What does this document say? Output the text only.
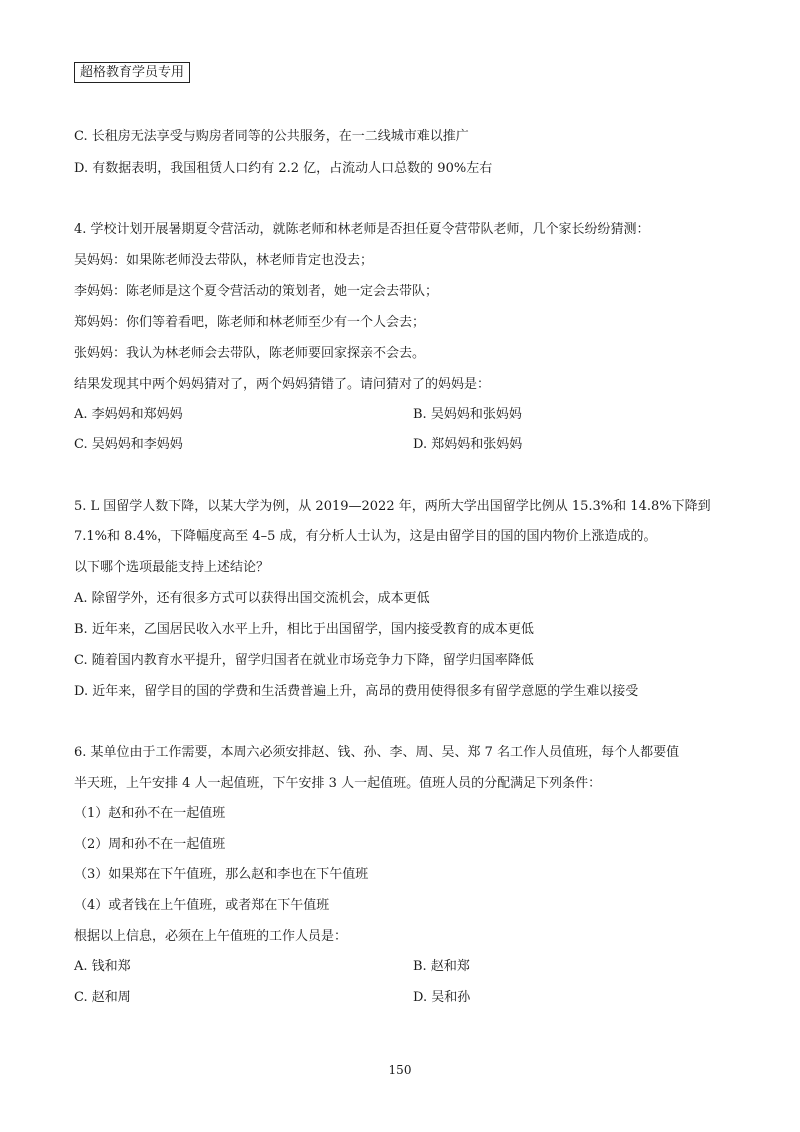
超格教育学员专用
C. 长租房无法享受与购房者同等的公共服务，在一二线城市难以推广
D. 有数据表明，我国租赁人口约有 2.2 亿，占流动人口总数的 90%左右
4. 学校计划开展暑期夏令营活动，就陈老师和林老师是否担任夏令营带队老师，几个家长纷纷猜测：
吴妈妈：如果陈老师没去带队，林老师肯定也没去；
李妈妈：陈老师是这个夏令营活动的策划者，她一定会去带队；
郑妈妈：你们等着看吧，陈老师和林老师至少有一个人会去；
张妈妈：我认为林老师会去带队，陈老师要回家探亲不会去。
结果发现其中两个妈妈猜对了，两个妈妈猜错了。请问猜对了的妈妈是：
A. 李妈妈和郑妈妈	B. 吴妈妈和张妈妈
C. 吴妈妈和李妈妈	D. 郑妈妈和张妈妈
5. L 国留学人数下降，以某大学为例，从 2019—2022 年，两所大学出国留学比例从 15.3%和 14.8%下降到
7.1%和 8.4%，下降幅度高至 4–5 成，有分析人士认为，这是由留学目的国的国内物价上涨造成的。
以下哪个选项最能支持上述结论？
A. 除留学外，还有很多方式可以获得出国交流机会，成本更低
B. 近年来，乙国居民收入水平上升，相比于出国留学，国内接受教育的成本更低
C. 随着国内教育水平提升，留学归国者在就业市场竞争力下降，留学归国率降低
D. 近年来，留学目的国的学费和生活费普遍上升，高昂的费用使得很多有留学意愿的学生难以接受
6. 某单位由于工作需要，本周六必须安排赵、钱、孙、李、周、吴、郑 7 名工作人员值班，每个人都要值
半天班，上午安排 4 人一起值班，下午安排 3 人一起值班。值班人员的分配满足下列条件：
（1）赵和孙不在一起值班
（2）周和孙不在一起值班
（3）如果郑在下午值班，那么赵和李也在下午值班
（4）或者钱在上午值班，或者郑在下午值班
根据以上信息，必须在上午值班的工作人员是：
A. 钱和郑	B. 赵和郑
C. 赵和周	D. 吴和孙
150
